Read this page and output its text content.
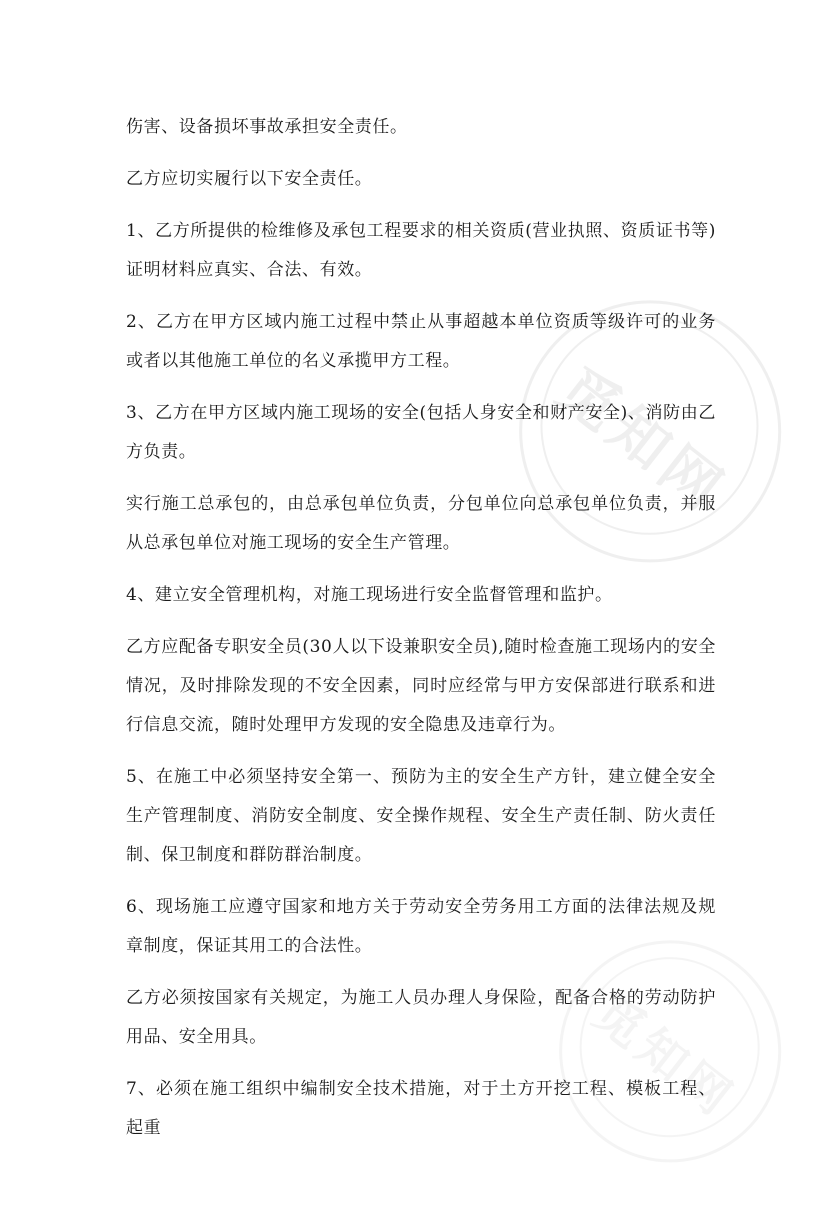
觅知网
觅知网

伤害、设备损坏事故承担安全责任。

乙方应切实履行以下安全责任。

1、乙方所提供的检维修及承包工程要求的相关资质(营业执照、资质证书等)证明材料应真实、合法、有效。

2、乙方在甲方区域内施工过程中禁止从事超越本单位资质等级许可的业务或者以其他施工单位的名义承揽甲方工程。

3、乙方在甲方区域内施工现场的安全(包括人身安全和财产安全)、消防由乙方负责。

实行施工总承包的，由总承包单位负责，分包单位向总承包单位负责，并服从总承包单位对施工现场的安全生产管理。

4、建立安全管理机构，对施工现场进行安全监督管理和监护。

乙方应配备专职安全员(30人以下设兼职安全员),随时检查施工现场内的安全情况，及时排除发现的不安全因素，同时应经常与甲方安保部进行联系和进行信息交流，随时处理甲方发现的安全隐患及违章行为。

5、在施工中必须坚持安全第一、预防为主的安全生产方针，建立健全安全生产管理制度、消防安全制度、安全操作规程、安全生产责任制、防火责任制、保卫制度和群防群治制度。

6、现场施工应遵守国家和地方关于劳动安全劳务用工方面的法律法规及规章制度，保证其用工的合法性。

乙方必须按国家有关规定，为施工人员办理人身保险，配备合格的劳动防护用品、安全用具。

7、必须在施工组织中编制安全技术措施，对于土方开挖工程、模板工程、起重
